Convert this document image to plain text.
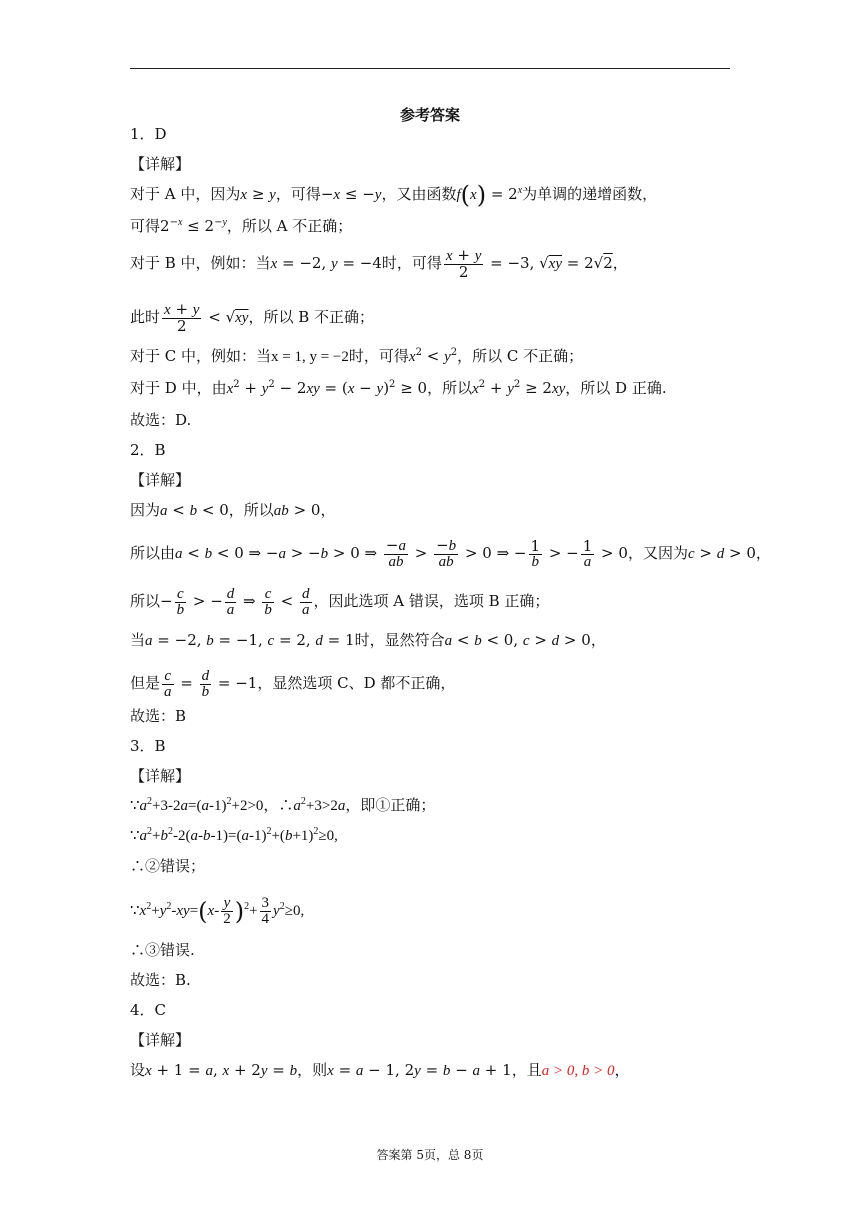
参考答案
1．D
【详解】
对于 A 中，因为x ≥ y，可得−x ≤ −y，又由函数$f(x) = 2^x$为单调的递增函数，
可得$2^{-x} \le 2^{-y}$，所以 A 不正确；
对于 B 中，例如：当x = −2, y = −4时，可得 $\frac{x + y}{2} = -3$, √xy = 2√2，
此时 $\frac{x + y}{2} < √xy$，所以 B 不正确；
对于 C 中，例如：当x = 1, y = −2时，可得$x^2 < y^2$，所以 C 不正确；
对于 D 中，由$x^2 + y^2 - 2xy = (x - y)^2 \ge 0$，所以$x^2 + y^2 \ge 2xy$，所以 D 正确.
故选：D.
2．B
【详解】
因为a < b < 0，所以ab > 0，
所以由a < b < 0 ⇒ −a > −b > 0 ⇒ $\frac{-a}{ab} > \frac{-b}{ab} > 0$ ⇒ − $\frac{1}{b}$ > − $\frac{1}{a} > 0$，又因为c > d > 0，
所以− $\frac{c}{b}$ > − $\frac{d}{a}$ ⇒ $\frac{c}{b} < \frac{d}{a}$ ，因此选项 A 错误，选项 B 正确；
当a = −2, b = −1, c = 2, d = 1时，显然符合a < b < 0, c > d > 0，
但是 $\frac{c}{a} = \frac{d}{b} = -1$，显然选项 C、D 都不正确，
故选：B
3．B
【详解】
$\because a^2+3-2a=(a-1)^2+2>0$，$\therefore a^2+3>2a$，即①正确；
$\because a^2+b^2-2(a-b-1)=(a-1)^2+(b+1)^2\ge 0$,
∴②错误；
$\because x^2+y^2-xy=(x- \frac{y}{2} )^2+ \frac{3}{4} y^2\ge 0$,
∴③错误.
故选：B.
4．C
【详解】
设x + 1 = a, x + 2y = b，则x = a − 1, 2y = b − a + 1，且a > 0, b > 0，
答案第 5页，总 8页
